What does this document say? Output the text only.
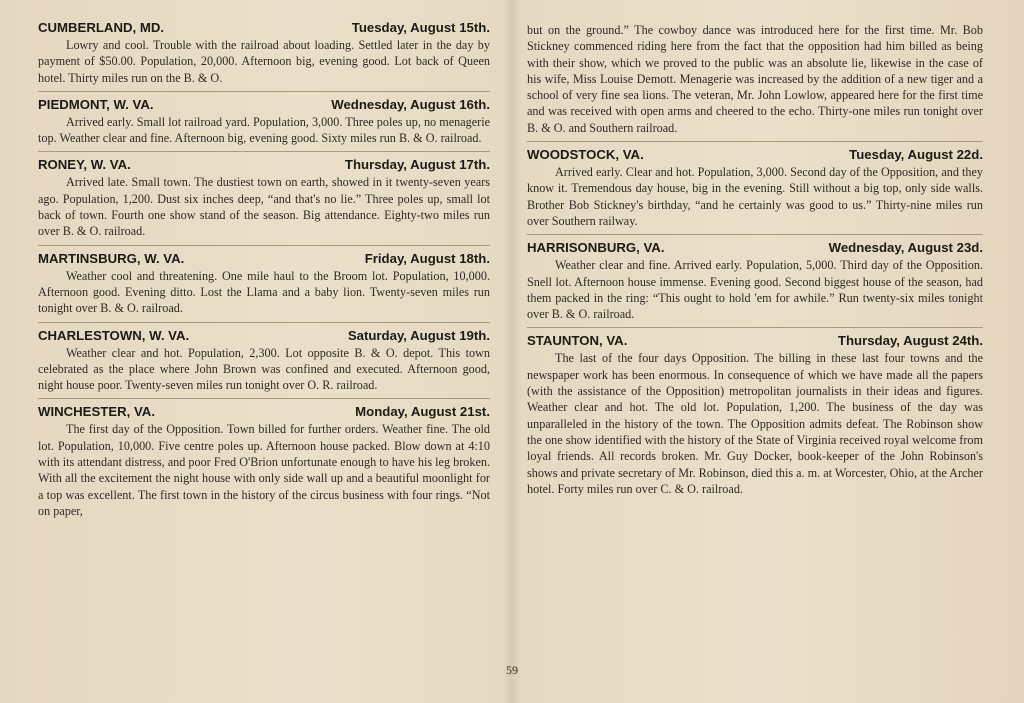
CUMBERLAND, MD.	Tuesday, August 15th.

Lowry and cool. Trouble with the railroad about loading. Settled later in the day by payment of $50.00. Population, 20,000. Afternoon big, evening good. Lot back of Queen hotel. Thirty miles run on the B. & O.

PIEDMONT, W. VA.	Wednesday, August 16th.

Arrived early. Small lot railroad yard. Population, 3,000. Three poles up, no menagerie top. Weather clear and fine. Afternoon big, evening good. Sixty miles run B. & O. railroad.

RONEY, W. VA.	Thursday, August 17th.

Arrived late. Small town. The dustiest town on earth, showed in it twenty-seven years ago. Population, 1,200. Dust six inches deep, “and that's no lie.” Three poles up, small lot back of town. Fourth one show stand of the season. Big attendance. Eighty-two miles run over B. & O. railroad.

MARTINSBURG, W. VA.	Friday, August 18th.

Weather cool and threatening. One mile haul to the Broom lot. Population, 10,000. Afternoon good. Evening ditto. Lost the Llama and a baby lion. Twenty-seven miles run tonight over B. & O. railroad.

CHARLESTOWN, W. VA.	Saturday, August 19th.

Weather clear and hot. Population, 2,300. Lot opposite B. & O. depot. This town celebrated as the place where John Brown was confined and executed. Afternoon good, night house poor. Twenty-seven miles run tonight over O. R. railroad.

WINCHESTER, VA.	Monday, August 21st.

The first day of the Opposition. Town billed for further orders. Weather fine. The old lot. Population, 10,000. Five centre poles up. Afternoon house packed. Blow down at 4:10 with its attendant distress, and poor Fred O'Brion unfortunate enough to have his leg broken. With all the excitement the night house with only side wall up and a beautiful moonlight for a top was excellent. The first town in the history of the circus business with four rings. “Not on paper,

but on the ground.” The cowboy dance was introduced here for the first time. Mr. Bob Stickney commenced riding here from the fact that the opposition had him billed as being with their show, which we proved to the public was an absolute lie, likewise in the case of his wife, Miss Louise Demott. Menagerie was increased by the addition of a new tiger and a school of very fine sea lions. The veteran, Mr. John Lowlow, appeared here for the first time and was received with open arms and cheered to the echo. Thirty-one miles run tonight over B. & O. and Southern railroad.

WOODSTOCK, VA.	Tuesday, August 22d.

Arrived early. Clear and hot. Population, 3,000. Second day of the Opposition, and they know it. Tremendous day house, big in the evening. Still without a big top, only side walls. Brother Bob Stickney's birthday, “and he certainly was good to us.” Thirty-nine miles run over Southern railway.

HARRISONBURG, VA.	Wednesday, August 23d.

Weather clear and fine. Arrived early. Population, 5,000. Third day of the Opposition. Snell lot. Afternoon house immense. Evening good. Second biggest house of the season, had them packed in the ring: “This ought to hold 'em for awhile.” Run twenty-six miles tonight over B. & O. railroad.

STAUNTON, VA.	Thursday, August 24th.

The last of the four days Opposition. The billing in these last four towns and the newspaper work has been enormous. In consequence of which we have made all the papers (with the assistance of the Opposition) metropolitan journalists in their ideas and figures. Weather clear and hot. The old lot. Population, 1,200. The business of the day was unparalleled in the history of the town. The Opposition admits defeat. The Robinson show the one show identified with the history of the State of Virginia received royal welcome from loyal friends. All records broken. Mr. Guy Docker, book-keeper of the John Robinson's shows and private secretary of Mr. Robinson, died this a. m. at Worcester, Ohio, at the Archer hotel. Forty miles run over C. & O. railroad.

59
